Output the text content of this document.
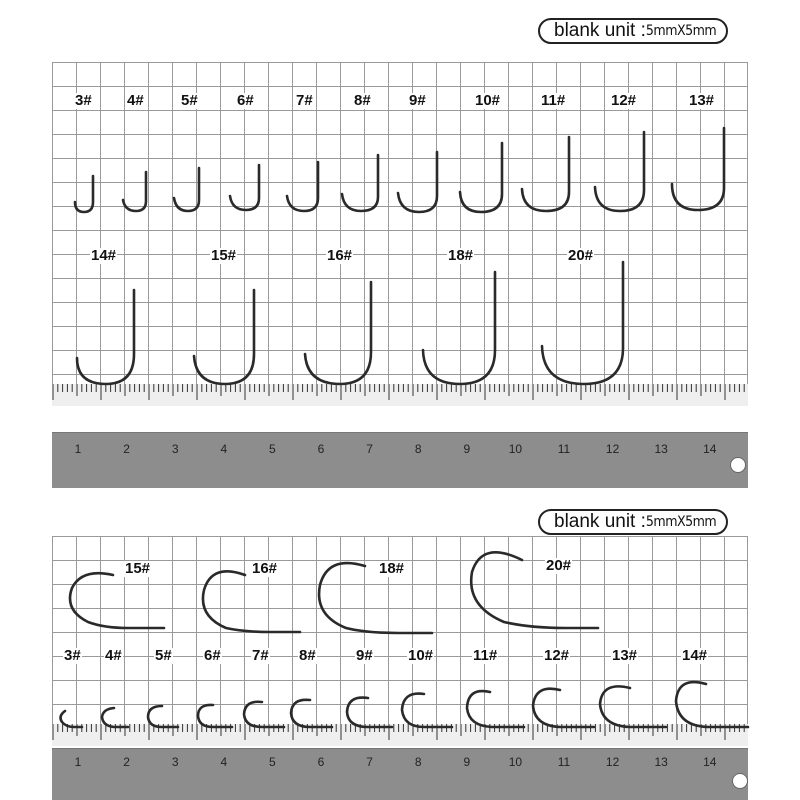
blank unit : 5mmX5mm
1	2	3	4	5	6	7	8	9	10	11	12	13	14
3# 4# 5#	6#	7#	8#	9#	10#	11#	12#	13#
14#	15#	16#	18#	20#
blank unit : 5mmX5mm
1	2	3	4	5	6	7	8	9	10	11	12	13	14
15#	16#	18#	20#
3# 4# 5# 6# 7# 8#	9# 10#	11#	12#	13#	14#
